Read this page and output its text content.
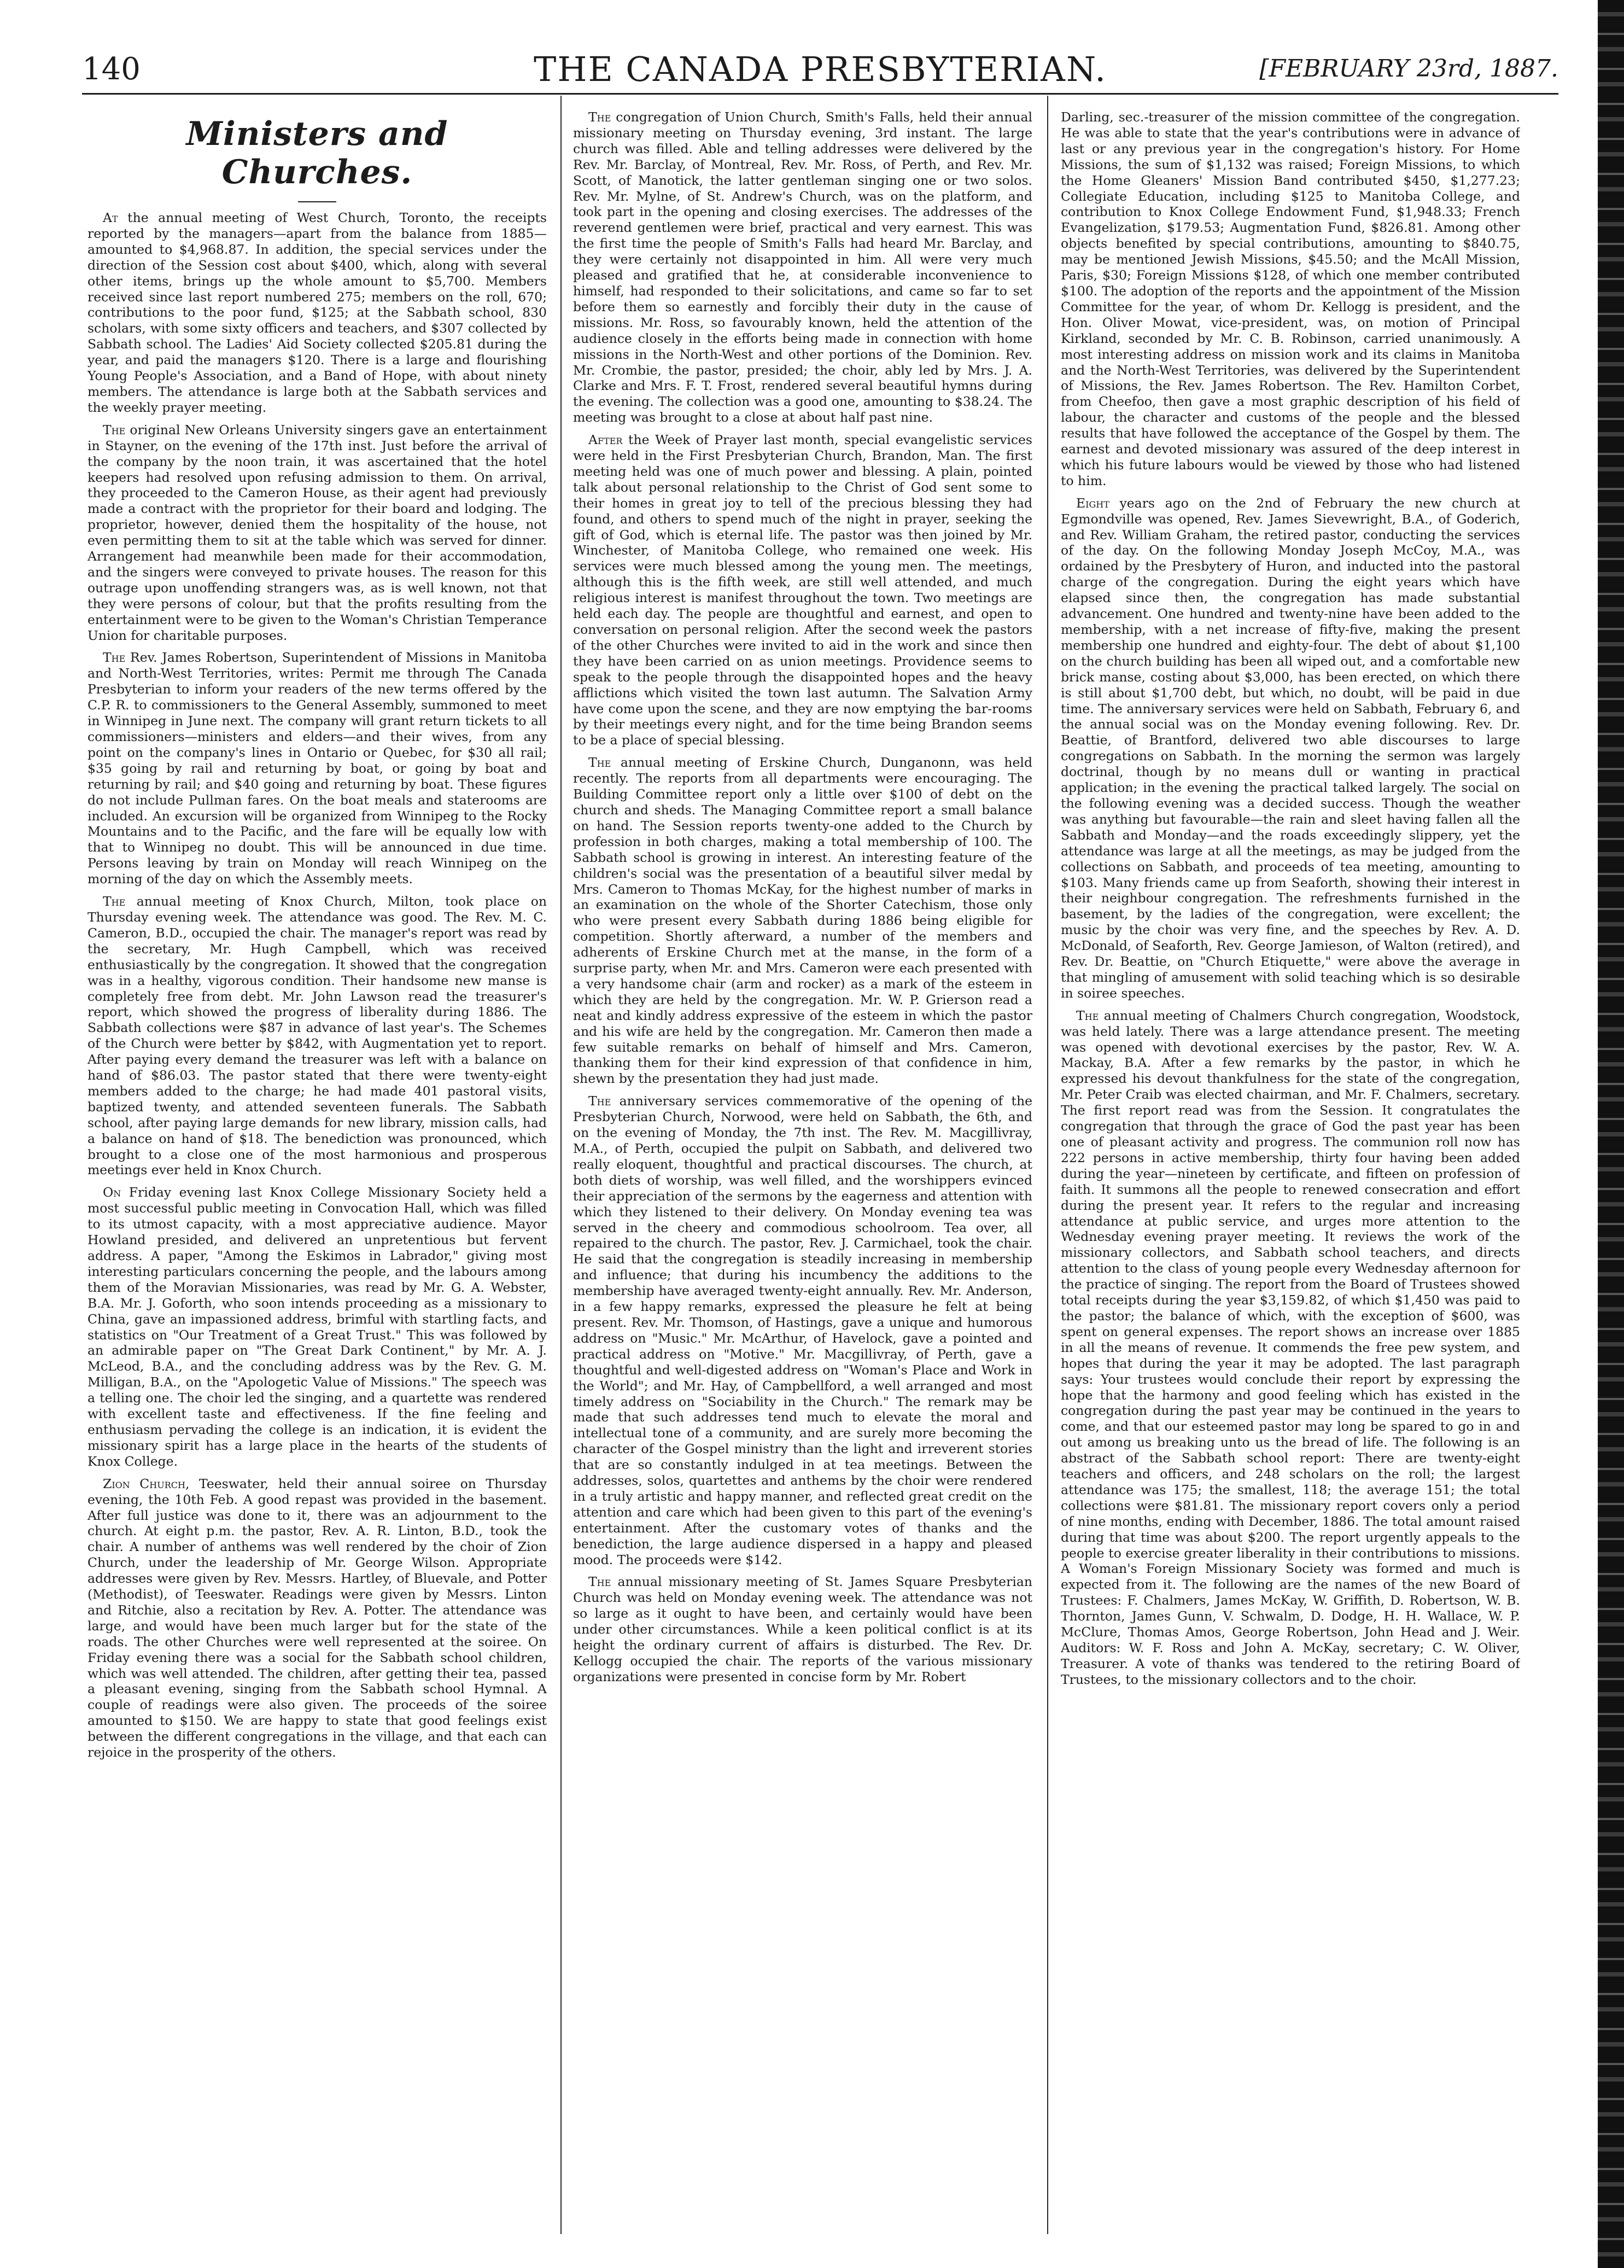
140	THE CANADA PRESBYTERIAN.	[FEBRUARY 23rd, 1887.
Ministers and Churches.

At the annual meeting of West Church, Toronto, the receipts reported by the managers—apart from the balance from 1885—amounted to $4,968.87. In addition, the special services under the direction of the Session cost about $400, which, along with several other items, brings up the whole amount to $5,700. Members received since last report numbered 275; members on the roll, 670; contributions to the poor fund, $125; at the Sabbath school, 830 scholars, with some sixty officers and teachers, and $307 collected by Sabbath school. The Ladies' Aid Society collected $205.81 during the year, and paid the managers $120. There is a large and flourishing Young People's Association, and a Band of Hope, with about ninety members. The attendance is large both at the Sabbath services and the weekly prayer meeting.

The original New Orleans University singers gave an entertainment in Stayner, on the evening of the 17th inst. Just before the arrival of the company by the noon train, it was ascertained that the hotel keepers had resolved upon refusing admission to them. On arrival, they proceeded to the Cameron House, as their agent had previously made a contract with the proprietor for their board and lodging. The proprietor, however, denied them the hospitality of the house, not even permitting them to sit at the table which was served for dinner. Arrangement had meanwhile been made for their accommodation, and the singers were conveyed to private houses. The reason for this outrage upon unoffending strangers was, as is well known, not that they were persons of colour, but that the profits resulting from the entertainment were to be given to the Woman's Christian Temperance Union for charitable purposes.

The Rev. James Robertson, Superintendent of Missions in Manitoba and North-West Territories, writes: Permit me through The Canada Presbyterian to inform your readers of the new terms offered by the C.P. R. to commissioners to the General Assembly, summoned to meet in Winnipeg in June next. The company will grant return tickets to all commissioners—ministers and elders—and their wives, from any point on the company's lines in Ontario or Quebec, for $30 all rail; $35 going by rail and returning by boat, or going by boat and returning by rail; and $40 going and returning by boat. These figures do not include Pullman fares. On the boat meals and staterooms are included. An excursion will be organized from Winnipeg to the Rocky Mountains and to the Pacific, and the fare will be equally low with that to Winnipeg no doubt. This will be announced in due time. Persons leaving by train on Monday will reach Winnipeg on the morning of the day on which the Assembly meets.

The annual meeting of Knox Church, Milton, took place on Thursday evening week. The attendance was good. The Rev. M. C. Cameron, B.D., occupied the chair. The manager's report was read by the secretary, Mr. Hugh Campbell, which was received enthusiastically by the congregation. It showed that the congregation was in a healthy, vigorous condition. Their handsome new manse is completely free from debt. Mr. John Lawson read the treasurer's report, which showed the progress of liberality during 1886. The Sabbath collections were $87 in advance of last year's. The Schemes of the Church were better by $842, with Augmentation yet to report. After paying every demand the treasurer was left with a balance on hand of $86.03. The pastor stated that there were twenty-eight members added to the charge; he had made 401 pastoral visits, baptized twenty, and attended seventeen funerals. The Sabbath school, after paying large demands for new library, mission calls, had a balance on hand of $18. The benediction was pronounced, which brought to a close one of the most harmonious and prosperous meetings ever held in Knox Church.

On Friday evening last Knox College Missionary Society held a most successful public meeting in Convocation Hall, which was filled to its utmost capacity, with a most appreciative audience. Mayor Howland presided, and delivered an unpretentious but fervent address. A paper, "Among the Eskimos in Labrador," giving most interesting particulars concerning the people, and the labours among them of the Moravian Missionaries, was read by Mr. G. A. Webster, B.A. Mr. J. Goforth, who soon intends proceeding as a missionary to China, gave an impassioned address, brimful with startling facts, and statistics on "Our Treatment of a Great Trust." This was followed by an admirable paper on "The Great Dark Continent," by Mr. A. J. McLeod, B.A., and the concluding address was by the Rev. G. M. Milligan, B.A., on the "Apologetic Value of Missions." The speech was a telling one. The choir led the singing, and a quartette was rendered with excellent taste and effectiveness. If the fine feeling and enthusiasm pervading the college is an indication, it is evident the missionary spirit has a large place in the hearts of the students of Knox College.

Zion Church, Teeswater, held their annual soiree on Thursday evening, the 10th Feb. A good repast was provided in the basement. After full justice was done to it, there was an adjournment to the church. At eight p.m. the pastor, Rev. A. R. Linton, B.D., took the chair. A number of anthems was well rendered by the choir of Zion Church, under the leadership of Mr. George Wilson. Appropriate addresses were given by Rev. Messrs. Hartley, of Bluevale, and Potter (Methodist), of Teeswater. Readings were given by Messrs. Linton and Ritchie, also a recitation by Rev. A. Potter. The attendance was large, and would have been much larger but for the state of the roads. The other Churches were well represented at the soiree. On Friday evening there was a social for the Sabbath school children, which was well attended. The children, after getting their tea, passed a pleasant evening, singing from the Sabbath school Hymnal. A couple of readings were also given. The proceeds of the soiree amounted to $150. We are happy to state that good feelings exist between the different congregations in the village, and that each can rejoice in the prosperity of the others.

The congregation of Union Church, Smith's Falls, held their annual missionary meeting on Thursday evening, 3rd instant. The large church was filled. Able and telling addresses were delivered by the Rev. Mr. Barclay, of Montreal, Rev. Mr. Ross, of Perth, and Rev. Mr. Scott, of Manotick, the latter gentleman singing one or two solos. Rev. Mr. Mylne, of St. Andrew's Church, was on the platform, and took part in the opening and closing exercises. The addresses of the reverend gentlemen were brief, practical and very earnest. This was the first time the people of Smith's Falls had heard Mr. Barclay, and they were certainly not disappointed in him. All were very much pleased and gratified that he, at considerable inconvenience to himself, had responded to their solicitations, and came so far to set before them so earnestly and forcibly their duty in the cause of missions. Mr. Ross, so favourably known, held the attention of the audience closely in the efforts being made in connection with home missions in the North-West and other portions of the Dominion. Rev. Mr. Crombie, the pastor, presided; the choir, ably led by Mrs. J. A. Clarke and Mrs. F. T. Frost, rendered several beautiful hymns during the evening. The collection was a good one, amounting to $38.24. The meeting was brought to a close at about half past nine.

After the Week of Prayer last month, special evangelistic services were held in the First Presbyterian Church, Brandon, Man. The first meeting held was one of much power and blessing. A plain, pointed talk about personal relationship to the Christ of God sent some to their homes in great joy to tell of the precious blessing they had found, and others to spend much of the night in prayer, seeking the gift of God, which is eternal life. The pastor was then joined by Mr. Winchester, of Manitoba College, who remained one week. His services were much blessed among the young men. The meetings, although this is the fifth week, are still well attended, and much religious interest is manifest throughout the town. Two meetings are held each day. The people are thoughtful and earnest, and open to conversation on personal religion. After the second week the pastors of the other Churches were invited to aid in the work and since then they have been carried on as union meetings. Providence seems to speak to the people through the disappointed hopes and the heavy afflictions which visited the town last autumn. The Salvation Army have come upon the scene, and they are now emptying the bar-rooms by their meetings every night, and for the time being Brandon seems to be a place of special blessing.

The annual meeting of Erskine Church, Dunganonn, was held recently. The reports from all departments were encouraging. The Building Committee report only a little over $100 of debt on the church and sheds. The Managing Committee report a small balance on hand. The Session reports twenty-one added to the Church by profession in both charges, making a total membership of 100. The Sabbath school is growing in interest. An interesting feature of the children's social was the presentation of a beautiful silver medal by Mrs. Cameron to Thomas McKay, for the highest number of marks in an examination on the whole of the Shorter Catechism, those only who were present every Sabbath during 1886 being eligible for competition. Shortly afterward, a number of the members and adherents of Erskine Church met at the manse, in the form of a surprise party, when Mr. and Mrs. Cameron were each presented with a very handsome chair (arm and rocker) as a mark of the esteem in which they are held by the congregation. Mr. W. P. Grierson read a neat and kindly address expressive of the esteem in which the pastor and his wife are held by the congregation. Mr. Cameron then made a few suitable remarks on behalf of himself and Mrs. Cameron, thanking them for their kind expression of that confidence in him, shewn by the presentation they had just made.

The anniversary services commemorative of the opening of the Presbyterian Church, Norwood, were held on Sabbath, the 6th, and on the evening of Monday, the 7th inst. The Rev. M. Macgillivray, M.A., of Perth, occupied the pulpit on Sabbath, and delivered two really eloquent, thoughtful and practical discourses. The church, at both diets of worship, was well filled, and the worshippers evinced their appreciation of the sermons by the eagerness and attention with which they listened to their delivery. On Monday evening tea was served in the cheery and commodious schoolroom. Tea over, all repaired to the church. The pastor, Rev. J. Carmichael, took the chair. He said that the congregation is steadily increasing in membership and influence; that during his incumbency the additions to the membership have averaged twenty-eight annually. Rev. Mr. Anderson, in a few happy remarks, expressed the pleasure he felt at being present. Rev. Mr. Thomson, of Hastings, gave a unique and humorous address on "Music." Mr. McArthur, of Havelock, gave a pointed and practical address on "Motive." Mr. Macgillivray, of Perth, gave a thoughtful and well-digested address on "Woman's Place and Work in the World"; and Mr. Hay, of Campbellford, a well arranged and most timely address on "Sociability in the Church." The remark may be made that such addresses tend much to elevate the moral and intellectual tone of a community, and are surely more becoming the character of the Gospel ministry than the light and irreverent stories that are so constantly indulged in at tea meetings. Between the addresses, solos, quartettes and anthems by the choir were rendered in a truly artistic and happy manner, and reflected great credit on the attention and care which had been given to this part of the evening's entertainment. After the customary votes of thanks and the benediction, the large audience dispersed in a happy and pleased mood. The proceeds were $142.

The annual missionary meeting of St. James Square Presbyterian Church was held on Monday evening week. The attendance was not so large as it ought to have been, and certainly would have been under other circumstances. While a keen political conflict is at its height the ordinary current of affairs is disturbed. The Rev. Dr. Kellogg occupied the chair. The reports of the various missionary organizations were presented in concise form by Mr. Robert

Darling, sec.-treasurer of the mission committee of the congregation. He was able to state that the year's contributions were in advance of last or any previous year in the congregation's history. For Home Missions, the sum of $1,132 was raised; Foreign Missions, to which the Home Gleaners' Mission Band contributed $450, $1,277.23; Collegiate Education, including $125 to Manitoba College, and contribution to Knox College Endowment Fund, $1,948.33; French Evangelization, $179.53; Augmentation Fund, $826.81. Among other objects benefited by special contributions, amounting to $840.75, may be mentioned Jewish Missions, $45.50; and the McAll Mission, Paris, $30; Foreign Missions $128, of which one member contributed $100. The adoption of the reports and the appointment of the Mission Committee for the year, of whom Dr. Kellogg is president, and the Hon. Oliver Mowat, vice-president, was, on motion of Principal Kirkland, seconded by Mr. C. B. Robinson, carried unanimously. A most interesting address on mission work and its claims in Manitoba and the North-West Territories, was delivered by the Superintendent of Missions, the Rev. James Robertson. The Rev. Hamilton Corbet, from Cheefoo, then gave a most graphic description of his field of labour, the character and customs of the people and the blessed results that have followed the acceptance of the Gospel by them. The earnest and devoted missionary was assured of the deep interest in which his future labours would be viewed by those who had listened to him.

Eight years ago on the 2nd of February the new church at Egmondville was opened, Rev. James Sievewright, B.A., of Goderich, and Rev. William Graham, the retired pastor, conducting the services of the day. On the following Monday Joseph McCoy, M.A., was ordained by the Presbytery of Huron, and inducted into the pastoral charge of the congregation. During the eight years which have elapsed since then, the congregation has made substantial advancement. One hundred and twenty-nine have been added to the membership, with a net increase of fifty-five, making the present membership one hundred and eighty-four. The debt of about $1,100 on the church building has been all wiped out, and a comfortable new brick manse, costing about $3,000, has been erected, on which there is still about $1,700 debt, but which, no doubt, will be paid in due time. The anniversary services were held on Sabbath, February 6, and the annual social was on the Monday evening following. Rev. Dr. Beattie, of Brantford, delivered two able discourses to large congregations on Sabbath. In the morning the sermon was largely doctrinal, though by no means dull or wanting in practical application; in the evening the practical talked largely. The social on the following evening was a decided success. Though the weather was anything but favourable—the rain and sleet having fallen all the Sabbath and Monday—and the roads exceedingly slippery, yet the attendance was large at all the meetings, as may be judged from the collections on Sabbath, and proceeds of tea meeting, amounting to $103. Many friends came up from Seaforth, showing their interest in their neighbour congregation. The refreshments furnished in the basement, by the ladies of the congregation, were excellent; the music by the choir was very fine, and the speeches by Rev. A. D. McDonald, of Seaforth, Rev. George Jamieson, of Walton (retired), and Rev. Dr. Beattie, on "Church Etiquette," were above the average in that mingling of amusement with solid teaching which is so desirable in soiree speeches.

The annual meeting of Chalmers Church congregation, Woodstock, was held lately. There was a large attendance present. The meeting was opened with devotional exercises by the pastor, Rev. W. A. Mackay, B.A. After a few remarks by the pastor, in which he expressed his devout thankfulness for the state of the congregation, Mr. Peter Craib was elected chairman, and Mr. F. Chalmers, secretary. The first report read was from the Session. It congratulates the congregation that through the grace of God the past year has been one of pleasant activity and progress. The communion roll now has 222 persons in active membership, thirty four having been added during the year—nineteen by certificate, and fifteen on profession of faith. It summons all the people to renewed consecration and effort during the present year. It refers to the regular and increasing attendance at public service, and urges more attention to the Wednesday evening prayer meeting. It reviews the work of the missionary collectors, and Sabbath school teachers, and directs attention to the class of young people every Wednesday afternoon for the practice of singing. The report from the Board of Trustees showed total receipts during the year $3,159.82, of which $1,450 was paid to the pastor; the balance of which, with the exception of $600, was spent on general expenses. The report shows an increase over 1885 in all the means of revenue. It commends the free pew system, and hopes that during the year it may be adopted. The last paragraph says: Your trustees would conclude their report by expressing the hope that the harmony and good feeling which has existed in the congregation during the past year may be continued in the years to come, and that our esteemed pastor may long be spared to go in and out among us breaking unto us the bread of life. The following is an abstract of the Sabbath school report: There are twenty-eight teachers and officers, and 248 scholars on the roll; the largest attendance was 175; the smallest, 118; the average 151; the total collections were $81.81. The missionary report covers only a period of nine months, ending with December, 1886. The total amount raised during that time was about $200. The report urgently appeals to the people to exercise greater liberality in their contributions to missions. A Woman's Foreign Missionary Society was formed and much is expected from it. The following are the names of the new Board of Trustees: F. Chalmers, James McKay, W. Griffith, D. Robertson, W. B. Thornton, James Gunn, V. Schwalm, D. Dodge, H. H. Wallace, W. P. McClure, Thomas Amos, George Robertson, John Head and J. Weir. Auditors: W. F. Ross and John A. McKay, secretary; C. W. Oliver, Treasurer. A vote of thanks was tendered to the retiring Board of Trustees, to the missionary collectors and to the choir.
